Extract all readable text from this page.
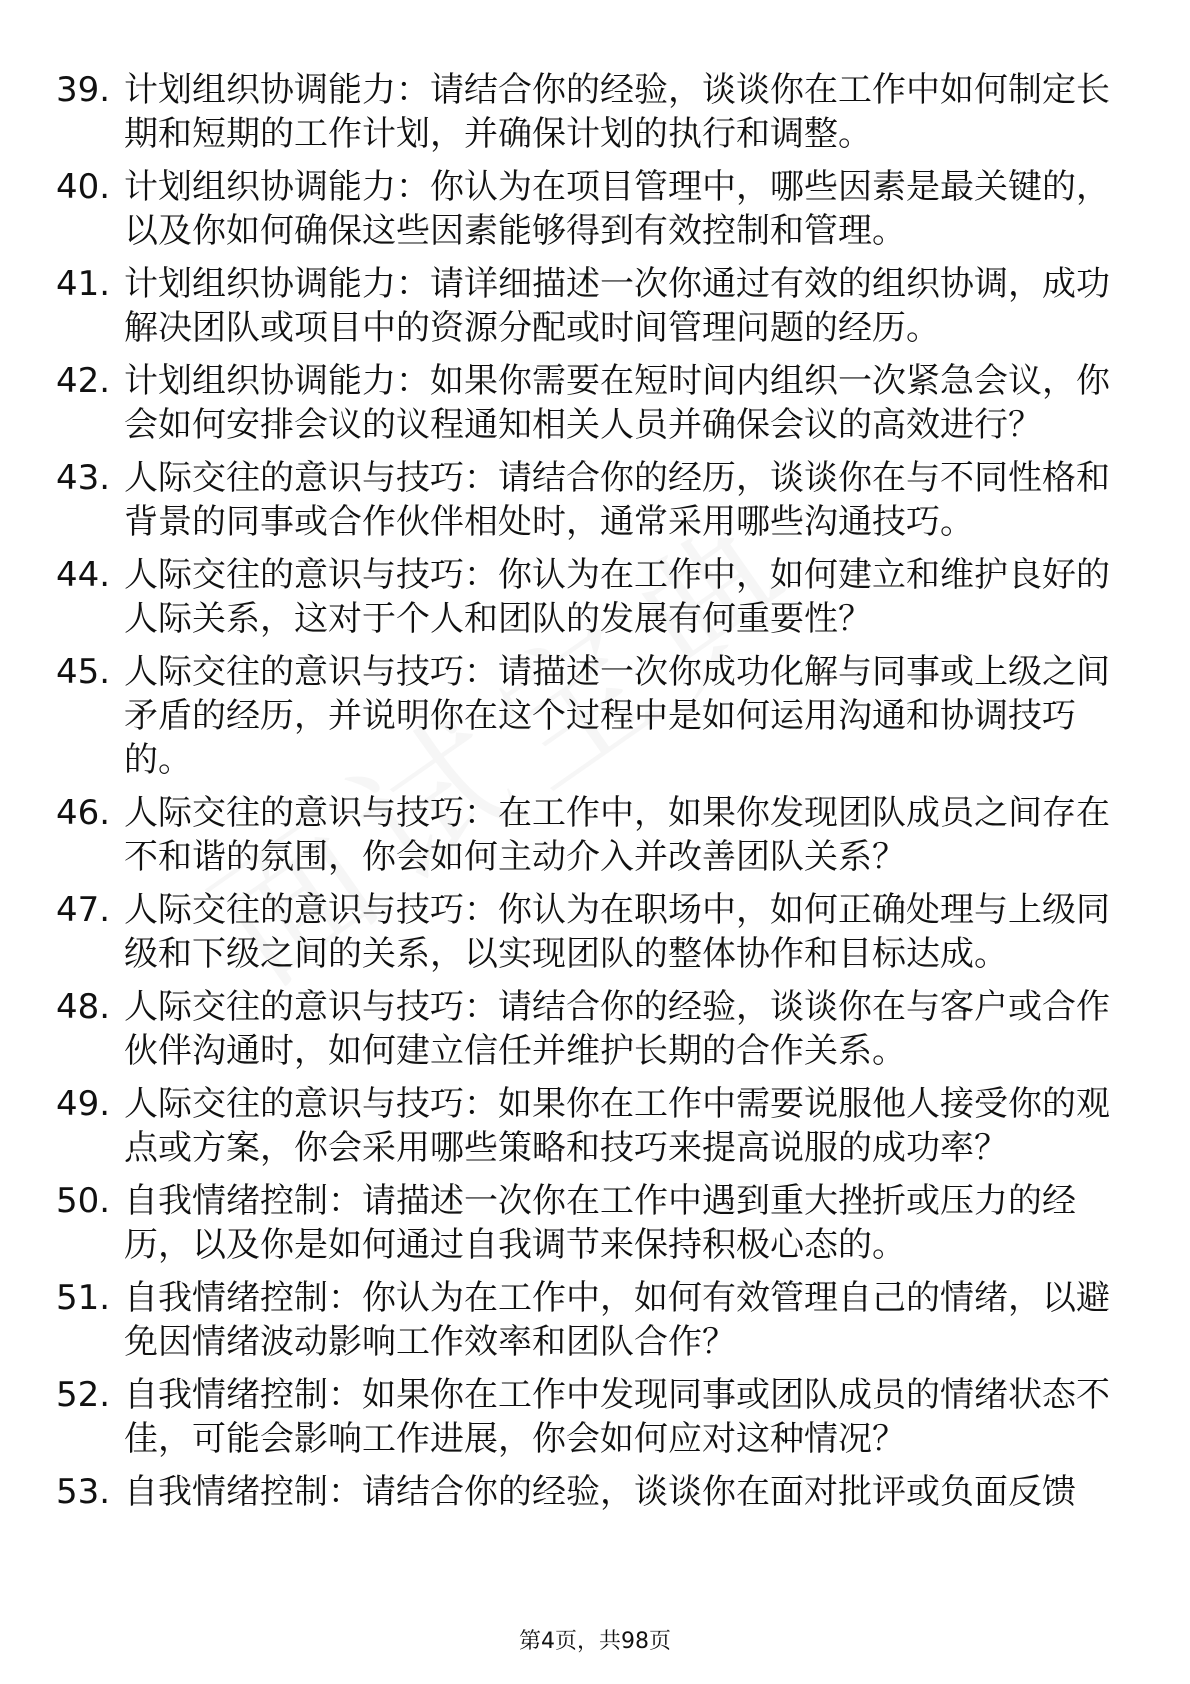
39. 计划组织协调能力：请结合你的经验，谈谈你在工作中如何制定长期和短期的工作计划，并确保计划的执行和调整。
40. 计划组织协调能力：你认为在项目管理中，哪些因素是最关键的，以及你如何确保这些因素能够得到有效控制和管理。
41. 计划组织协调能力：请详细描述一次你通过有效的组织协调，成功解决团队或项目中的资源分配或时间管理问题的经历。
42. 计划组织协调能力：如果你需要在短时间内组织一次紧急会议，你会如何安排会议的议程通知相关人员并确保会议的高效进行？
43. 人际交往的意识与技巧：请结合你的经历，谈谈你在与不同性格和背景的同事或合作伙伴相处时，通常采用哪些沟通技巧。
44. 人际交往的意识与技巧：你认为在工作中，如何建立和维护良好的人际关系，这对于个人和团队的发展有何重要性？
45. 人际交往的意识与技巧：请描述一次你成功化解与同事或上级之间矛盾的经历，并说明你在这个过程中是如何运用沟通和协调技巧的。
46. 人际交往的意识与技巧：在工作中，如果你发现团队成员之间存在不和谐的氛围，你会如何主动介入并改善团队关系？
47. 人际交往的意识与技巧：你认为在职场中，如何正确处理与上级同级和下级之间的关系，以实现团队的整体协作和目标达成。
48. 人际交往的意识与技巧：请结合你的经验，谈谈你在与客户或合作伙伴沟通时，如何建立信任并维护长期的合作关系。
49. 人际交往的意识与技巧：如果你在工作中需要说服他人接受你的观点或方案，你会采用哪些策略和技巧来提高说服的成功率？
50. 自我情绪控制：请描述一次你在工作中遇到重大挫折或压力的经历，以及你是如何通过自我调节来保持积极心态的。
51. 自我情绪控制：你认为在工作中，如何有效管理自己的情绪，以避免因情绪波动影响工作效率和团队合作？
52. 自我情绪控制：如果你在工作中发现同事或团队成员的情绪状态不佳，可能会影响工作进展，你会如何应对这种情况？
53. 自我情绪控制：请结合你的经验，谈谈你在面对批评或负面反馈
第4页，共98页
